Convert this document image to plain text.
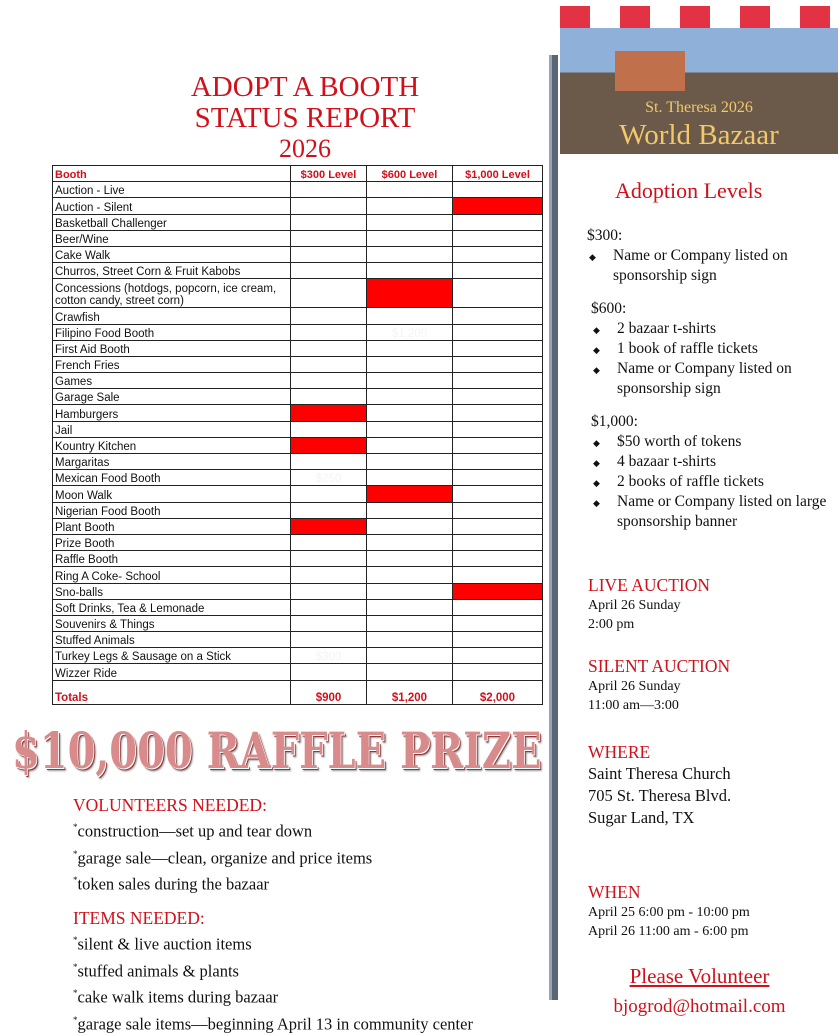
ADOPT A BOOTH
STATUS REPORT
2026
Booth	$300 Level	$600 Level	$1,000 Level
Auction - Live			
Auction - Silent			
Basketball Challenger			
Beer/Wine			
Cake Walk			
Churros, Street Corn & Fruit Kabobs			
Concessions (hotdogs, popcorn, ice cream, cotton candy, street corn)			
Crawfish			
Filipino Food Booth		$1,200	
First Aid Booth			
French Fries			
Games			
Garage Sale			
Hamburgers			
Jail			
Kountry Kitchen			
Margaritas			
Mexican Food Booth	$250		
Moon Walk			
Nigerian Food Booth			
Plant Booth			
Prize Booth			
Raffle Booth			
Ring A Coke- School			
Sno-balls			
Soft Drinks, Tea & Lemonade			
Souvenirs & Things			
Stuffed Animals			
Turkey Legs & Sausage on a Stick	$300		
Wizzer Ride			
Totals	$900	$1,200	$2,000
$10,000 RAFFLE PRIZE
VOLUNTEERS NEEDED:
*construction—set up and tear down
*garage sale—clean, organize and price items
*token sales during the bazaar
ITEMS NEEDED:
*silent & live auction items
*stuffed animals & plants
*cake walk items during bazaar
*garage sale items—beginning April 13 in community center
St. Theresa 2026
World Bazaar
Adoption Levels
$300:
◆ Name or Company listed on sponsorship sign
$600:
◆ 2 bazaar t-shirts
◆ 1 book of raffle tickets
◆ Name or Company listed on sponsorship sign
$1,000:
◆ $50 worth of tokens
◆ 4 bazaar t-shirts
◆ 2 books of raffle tickets
◆ Name or Company listed on large sponsorship banner
LIVE AUCTION
April 26 Sunday
2:00 pm
SILENT AUCTION
April 26 Sunday
11:00 am—3:00
WHERE
Saint Theresa Church
705 St. Theresa Blvd.
Sugar Land, TX
WHEN
April 25 6:00 pm - 10:00 pm
April 26 11:00 am - 6:00 pm
Please Volunteer
bjogrod@hotmail.com
